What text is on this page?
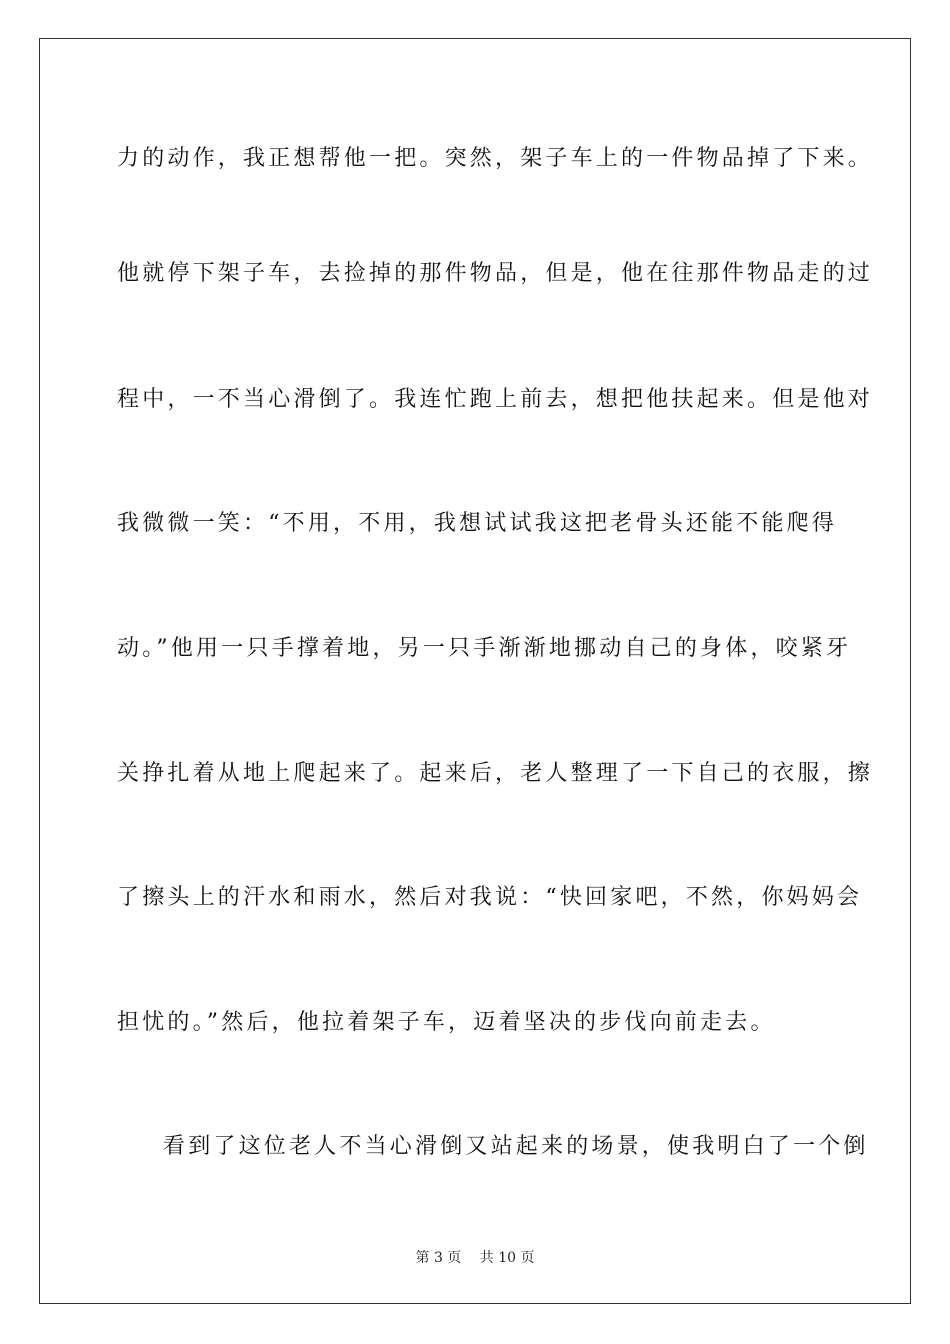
力的动作，我正想帮他一把。突然，架子车上的一件物品掉了下来。
他就停下架子车，去捡掉的那件物品，但是，他在往那件物品走的过
程中，一不当心滑倒了。我连忙跑上前去，想把他扶起来。但是他对
我微微一笑：“不用，不用，我想试试我这把老骨头还能不能爬得
动。”他用一只手撑着地，另一只手渐渐地挪动自己的身体，咬紧牙
关挣扎着从地上爬起来了。起来后，老人整理了一下自己的衣服，擦
了擦头上的汗水和雨水，然后对我说：“快回家吧，不然，你妈妈会
担忧的。”然后，他拉着架子车，迈着坚决的步伐向前走去。
看到了这位老人不当心滑倒又站起来的场景，使我明白了一个倒
第 3 页　 共 10 页
